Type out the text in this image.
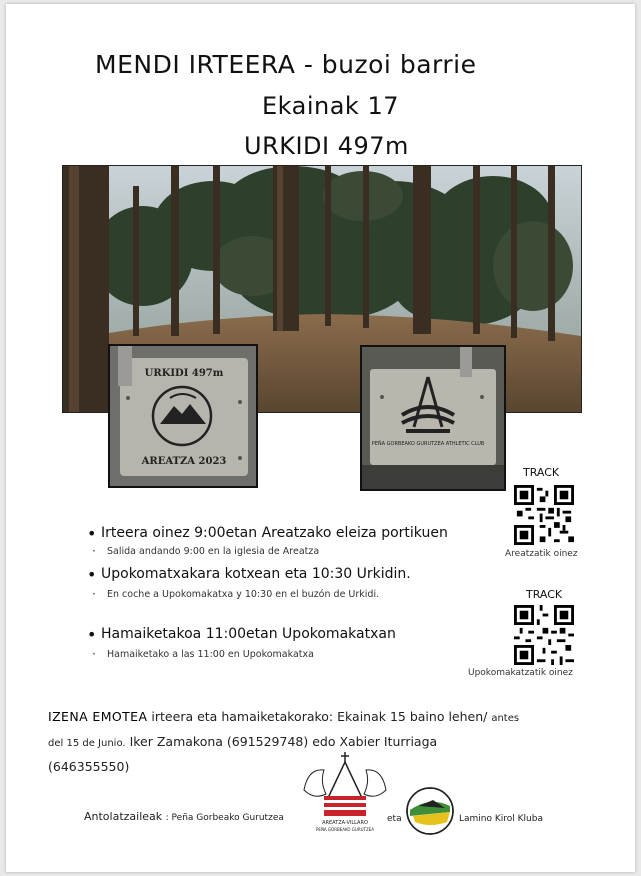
MENDI IRTEERA - buzoi barrie
Ekainak 17
URKIDI 497m
URKIDI 497m
AREATZA 2023
PEÑA GORBEAKO GURUTZEA ATHLETIC CLUB
TRACK
Areatzatik oinez
TRACK
Upokomakatzatik oinez
• Irteera oinez 9:00etan Areatzako eleiza portikuen
· Salida andando 9:00 en la iglesia de Areatza
• Upokomatxakara kotxean eta 10:30 Urkidin.
· En coche a Upokomakatxa y 10:30 en el buzón de Urkidi.
• Hamaiketakoa 11:00etan Upokomakatxan
· Hamaiketako a las 11:00 en Upokomakatxa
IZENA EMOTEA irteera eta hamaiketakorako: Ekainak 15 baino lehen/ antes
del 15 de Junio. Iker Zamakona (691529748) edo Xabier Iturriaga
(646355550)
Antolatzaileak : Peña Gorbeako Gurutzea	AREATZA-VILLARO
PEÑA GORBEAKO GURUTZEA
eta	Lamino Kirol Kluba
